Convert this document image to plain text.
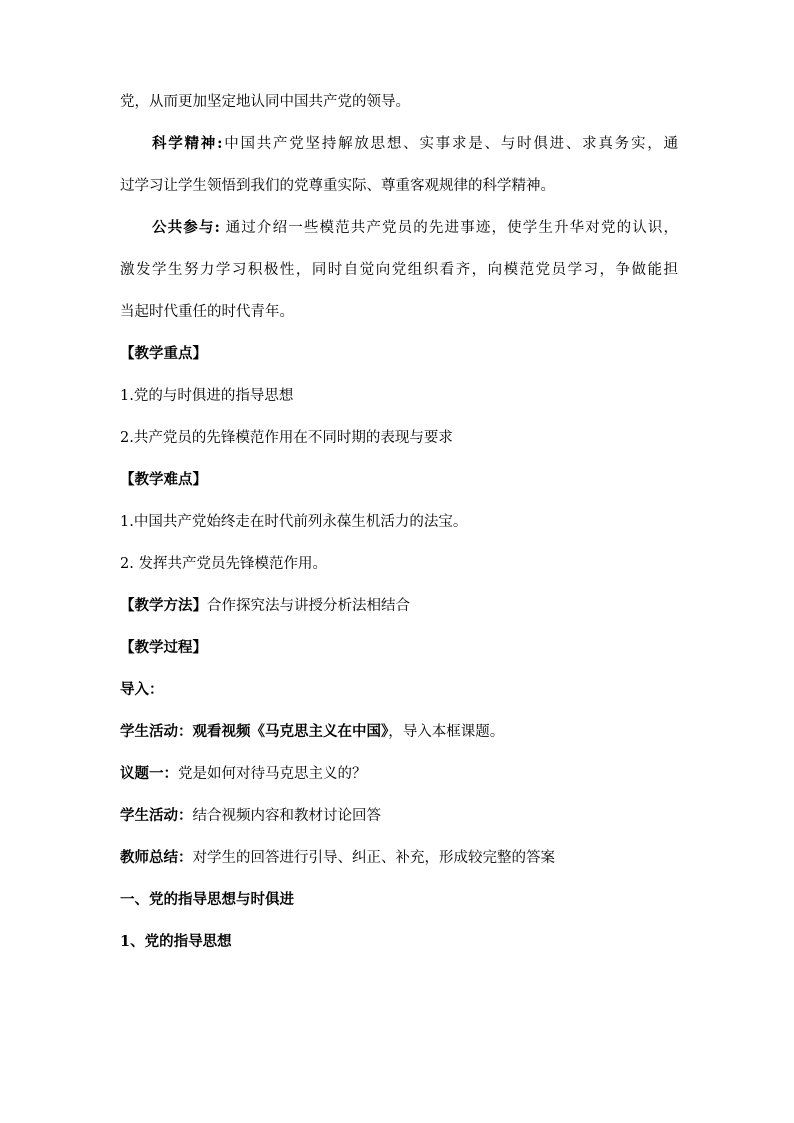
党，从而更加坚定地认同中国共产党的领导。

科学精神:中国共产党坚持解放思想、实事求是、与时俱进、求真务实，通

过学习让学生领悟到我们的党尊重实际、尊重客观规律的科学精神。

公共参与: 通过介绍一些模范共产党员的先进事迹，使学生升华对党的认识，

激发学生努力学习积极性，同时自觉向党组织看齐，向模范党员学习，争做能担

当起时代重任的时代青年。

【教学重点】

1.党的与时俱进的指导思想

2.共产党员的先锋模范作用在不同时期的表现与要求

【教学难点】

1.中国共产党始终走在时代前列永葆生机活力的法宝。

2. 发挥共产党员先锋模范作用。

【教学方法】合作探究法与讲授分析法相结合

【教学过程】

导入：

学生活动：观看视频《马克思主义在中国》，导入本框课题。

议题一：党是如何对待马克思主义的？

学生活动：结合视频内容和教材讨论回答

教师总结：对学生的回答进行引导、纠正、补充，形成较完整的答案

一、党的指导思想与时俱进

1、党的指导思想
